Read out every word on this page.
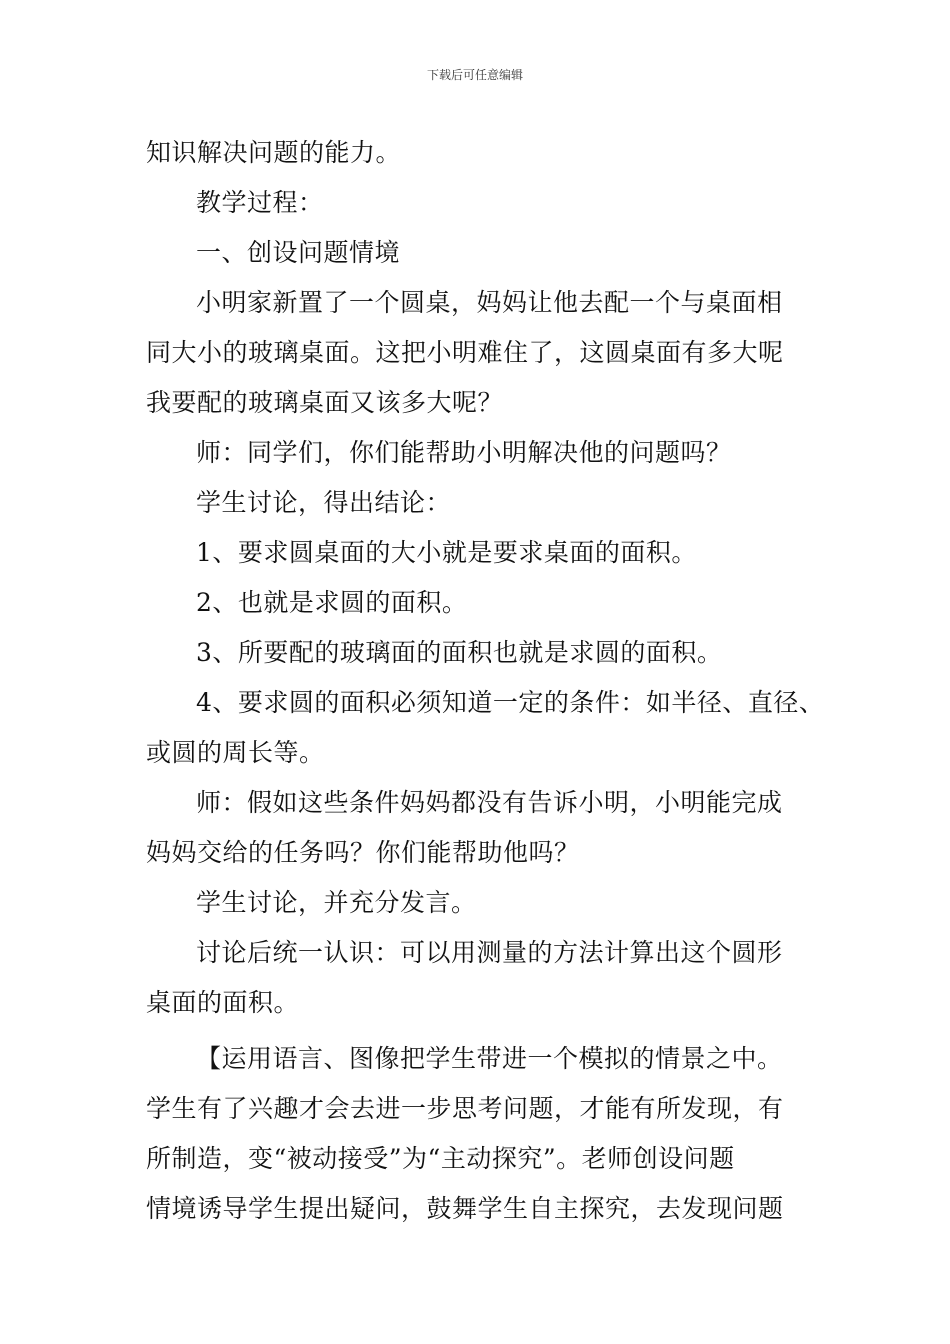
下载后可任意编辑
知识解决问题的能力。
教学过程：
一、创设问题情境
小明家新置了一个圆桌，妈妈让他去配一个与桌面相
同大小的玻璃桌面。这把小明难住了，这圆桌面有多大呢
我要配的玻璃桌面又该多大呢？
师：同学们，你们能帮助小明解决他的问题吗？
学生讨论，得出结论：
1、要求圆桌面的大小就是要求桌面的面积。
2、也就是求圆的面积。
3、所要配的玻璃面的面积也就是求圆的面积。
4、要求圆的面积必须知道一定的条件：如半径、直径、
或圆的周长等。
师：假如这些条件妈妈都没有告诉小明，小明能完成
妈妈交给的任务吗？你们能帮助他吗？
学生讨论，并充分发言。
讨论后统一认识：可以用测量的方法计算出这个圆形
桌面的面积。
【运用语言、图像把学生带进一个模拟的情景之中。
学生有了兴趣才会去进一步思考问题，才能有所发现，有
所制造，变“被动接受”为“主动探究”。老师创设问题
情境诱导学生提出疑问，鼓舞学生自主探究，去发现问题
